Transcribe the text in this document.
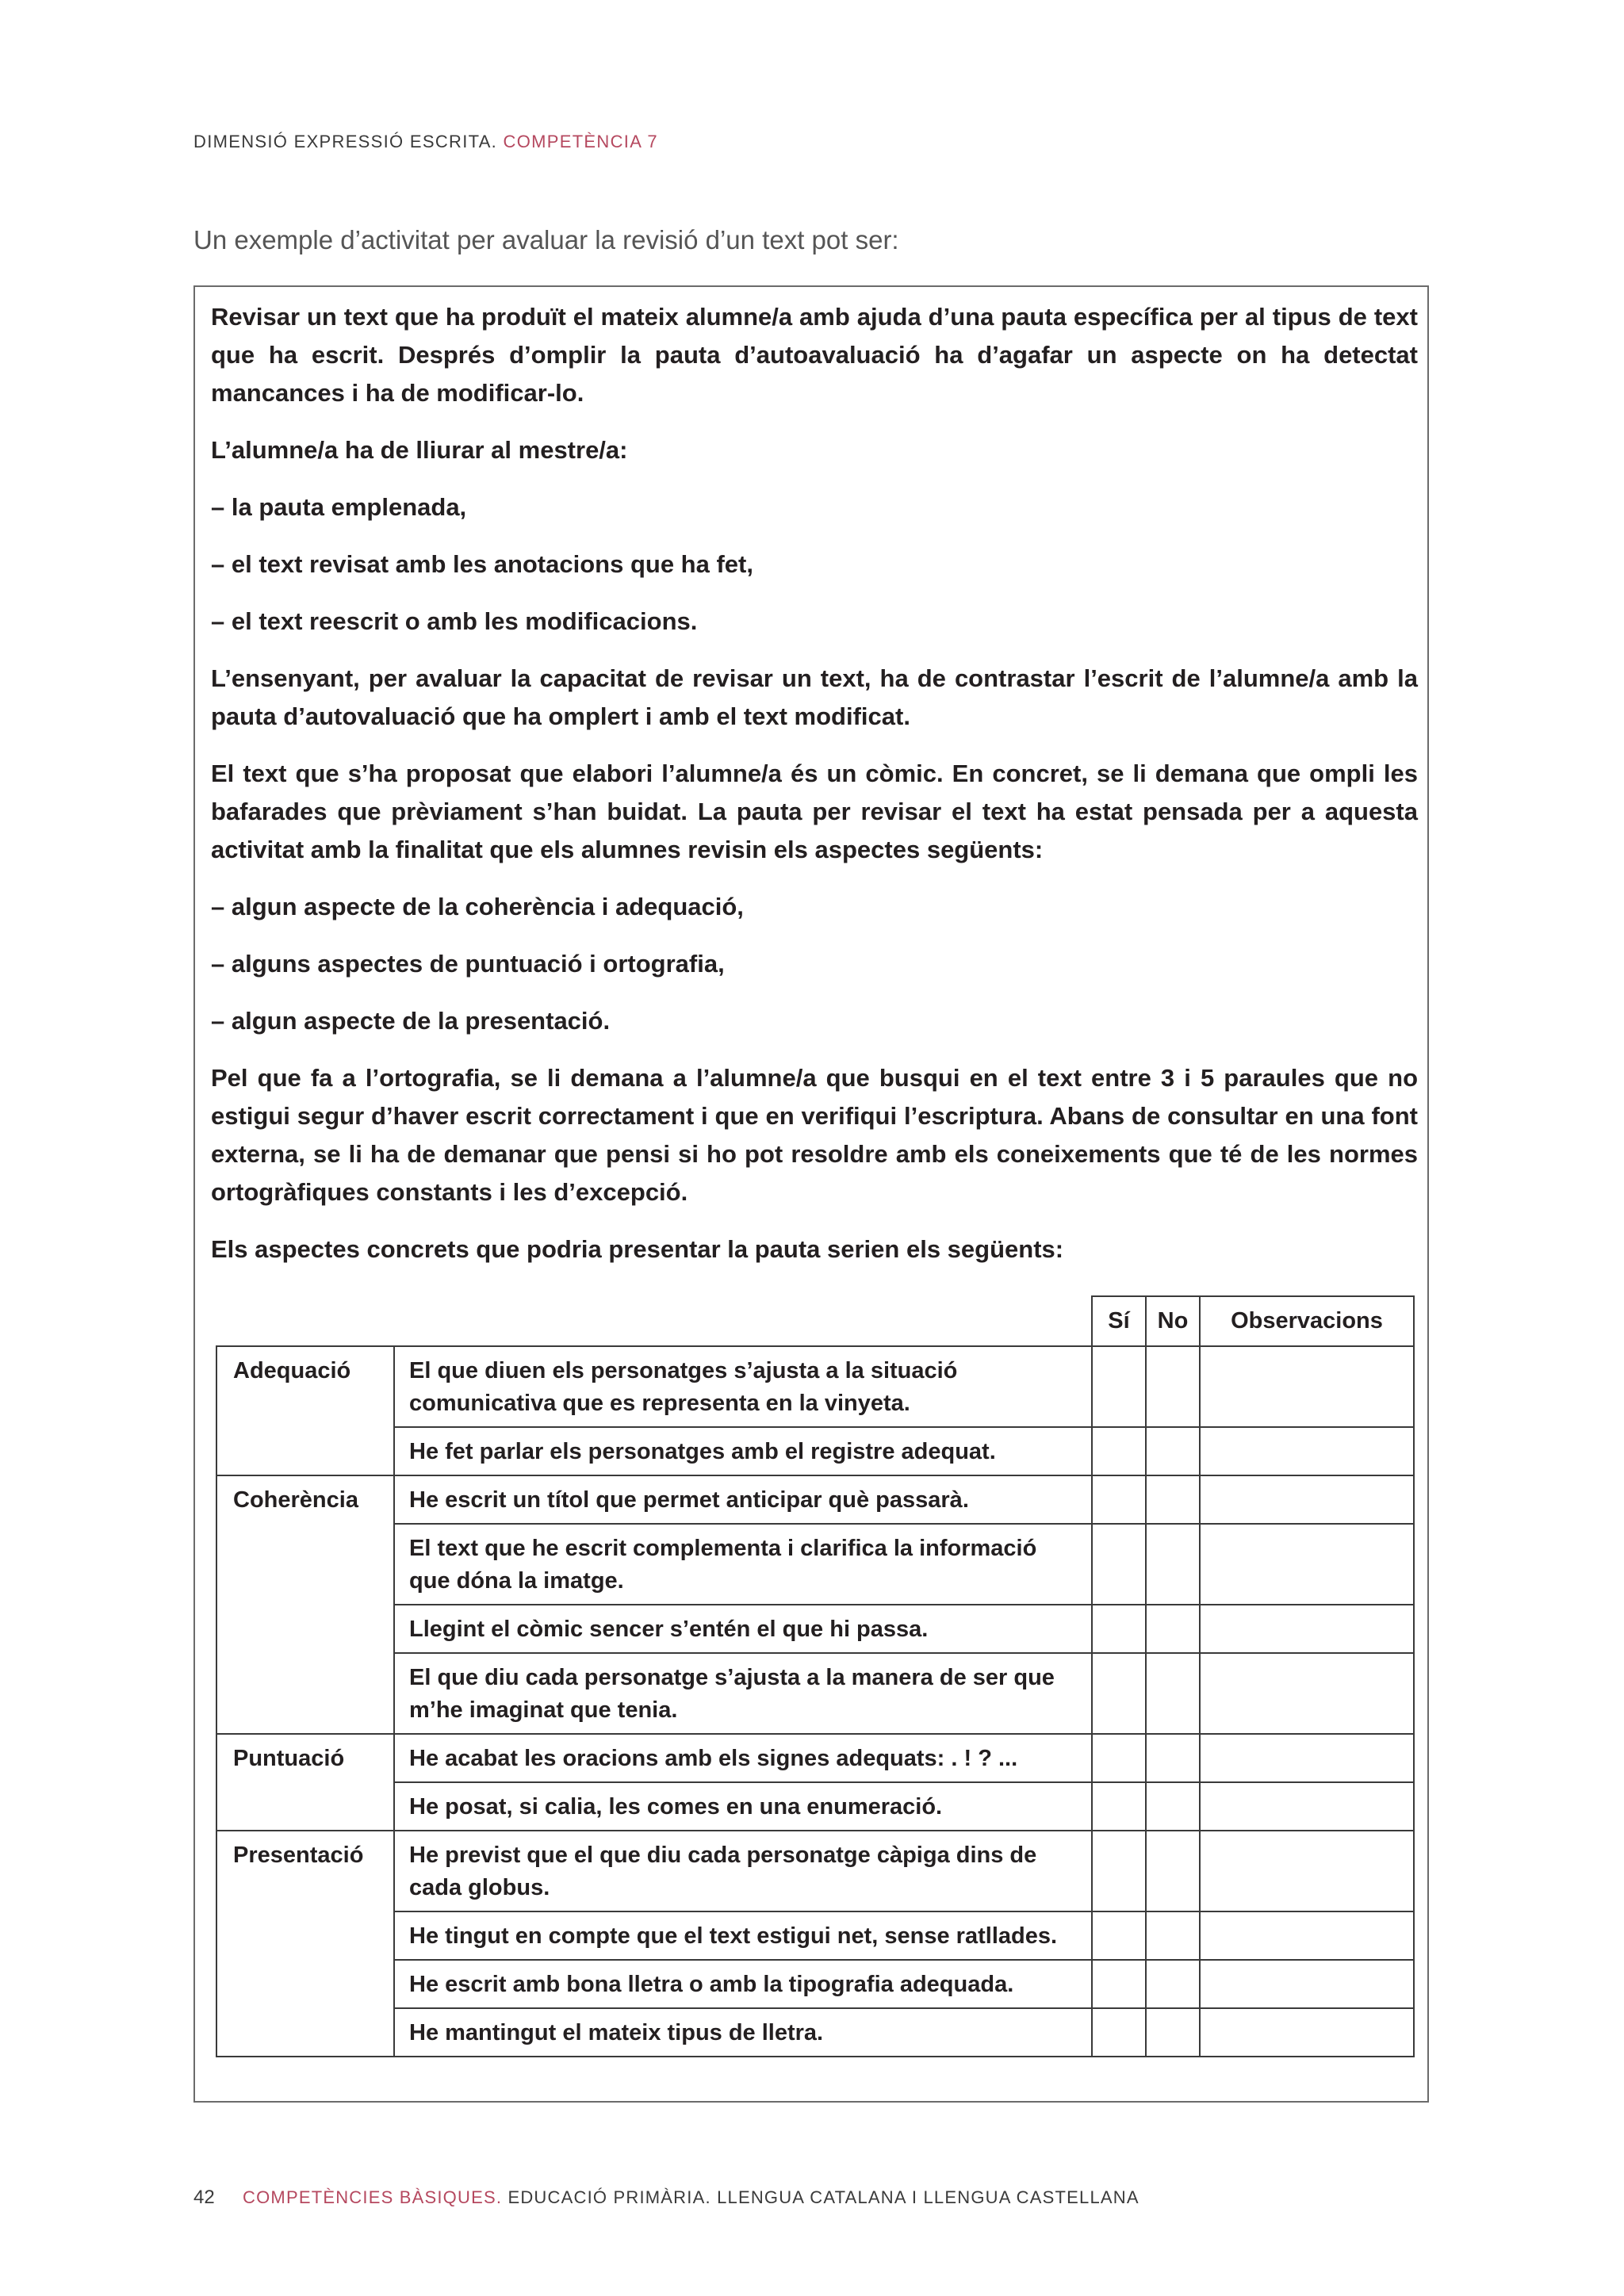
DIMENSIÓ EXPRESSIÓ ESCRITA. COMPETÈNCIA 7
Un exemple d’activitat per avaluar la revisió d’un text pot ser:

Revisar un text que ha produït el mateix alumne/a amb ajuda d’una pauta específica per al tipus de text que ha escrit. Després d’omplir la pauta d’autoavaluació ha d’agafar un aspecte on ha detectat mancances i ha de modificar-lo.

L’alumne/a ha de lliurar al mestre/a:

– la pauta emplenada,

– el text revisat amb les anotacions que ha fet,

– el text reescrit o amb les modificacions.

L’ensenyant, per avaluar la capacitat de revisar un text, ha de contrastar l’escrit de l’alumne/a amb la pauta d’autovaluació que ha omplert i amb el text modificat.

El text que s’ha proposat que elabori l’alumne/a és un còmic. En concret, se li demana que ompli les bafarades que prèviament s’han buidat. La pauta per revisar el text ha estat pensada per a aquesta activitat amb la finalitat que els alumnes revisin els aspectes següents:

– algun aspecte de la coherència i adequació,

– alguns aspectes de puntuació i ortografia,

– algun aspecte de la presentació.

Pel que fa a l’ortografia, se li demana a l’alumne/a que busqui en el text entre 3 i 5 paraules que no estigui segur d’haver escrit correctament i que en verifiqui l’escriptura. Abans de consultar en una font externa, se li ha de demanar que pensi si ho pot resoldre amb els coneixements que té de les normes ortogràfiques constants i les d’excepció.

Els aspectes concrets que podria presentar la pauta serien els següents:

		Sí	No	Observacions
Adequació	El que diuen els personatges s’ajusta a la situació comunicativa que es representa en la vinyeta.			
	He fet parlar els personatges amb el registre adequat.			
Coherència	He escrit un títol que permet anticipar què passarà.			
	El text que he escrit complementa i clarifica la informació que dóna la imatge.			
	Llegint el còmic sencer s’entén el que hi passa.			
	El que diu cada personatge s’ajusta a la manera de ser que m’he imaginat que tenia.			
Puntuació	He acabat les oracions amb els signes adequats: . ! ? ...			
	He posat, si calia, les comes en una enumeració.			
Presentació	He previst que el que diu cada personatge càpiga dins de cada globus.			
	He tingut en compte que el text estigui net, sense ratllades.			
	He escrit amb bona lletra o amb la tipografia adequada.			
	He mantingut el mateix tipus de lletra.			
42 COMPETÈNCIES BÀSIQUES. EDUCACIÓ PRIMÀRIA. LLENGUA CATALANA I LLENGUA CASTELLANA
